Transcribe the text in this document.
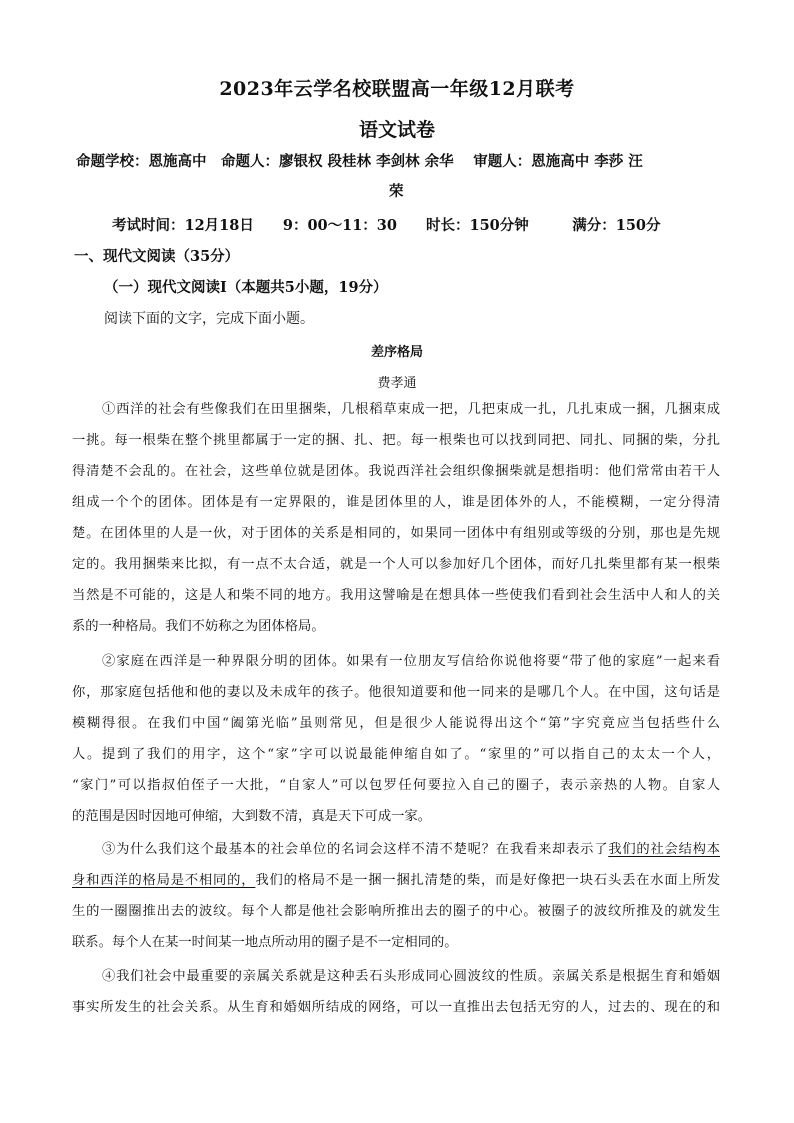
2023年云学名校联盟高一年级12月联考
语文试卷
命题学校：恩施高中　命题人：廖银权 段桂林 李剑林 余华　 审题人：恩施高中 李莎 汪
荣
考试时间：12月18日　　9：00～11：30　　时长：150分钟　　　满分：150分
一、现代文阅读（35分）
（一）现代文阅读Ⅰ（本题共5小题，19分）
阅读下面的文字，完成下面小题。
差序格局
费孝通
①西洋的社会有些像我们在田里捆柴，几根稻草束成一把，几把束成一扎，几扎束成一捆，几捆束成
一挑。每一根柴在整个挑里都属于一定的捆、扎、把。每一根柴也可以找到同把、同扎、同捆的柴，分扎
得清楚不会乱的。在社会，这些单位就是团体。我说西洋社会组织像捆柴就是想指明：他们常常由若干人
组成一个个的团体。团体是有一定界限的，谁是团体里的人，谁是团体外的人，不能模糊，一定分得清
楚。在团体里的人是一伙，对于团体的关系是相同的，如果同一团体中有组别或等级的分别，那也是先规
定的。我用捆柴来比拟，有一点不太合适，就是一个人可以参加好几个团体，而好几扎柴里都有某一根柴
当然是不可能的，这是人和柴不同的地方。我用这譬喻是在想具体一些使我们看到社会生活中人和人的关
系的一种格局。我们不妨称之为团体格局。
②家庭在西洋是一种界限分明的团体。如果有一位朋友写信给你说他将要“带了他的家庭”一起来看
你，那家庭包括他和他的妻以及未成年的孩子。他很知道要和他一同来的是哪几个人。在中国，这句话是
模糊得很。在我们中国“阖第光临”虽则常见，但是很少人能说得出这个“第”字究竟应当包括些什么
人。提到了我们的用字，这个“家”字可以说最能伸缩自如了。“家里的”可以指自己的太太一个人，
“家门”可以指叔伯侄子一大批，“自家人”可以包罗任何要拉入自己的圈子，表示亲热的人物。自家人
的范围是因时因地可伸缩，大到数不清，真是天下可成一家。
③为什么我们这个最基本的社会单位的名词会这样不清不楚呢？在我看来却表示了我们的社会结构本
身和西洋的格局是不相同的，我们的格局不是一捆一捆扎清楚的柴，而是好像把一块石头丢在水面上所发
生的一圈圈推出去的波纹。每个人都是他社会影响所推出去的圈子的中心。被圈子的波纹所推及的就发生
联系。每个人在某一时间某一地点所动用的圈子是不一定相同的。
④我们社会中最重要的亲属关系就是这种丢石头形成同心圆波纹的性质。亲属关系是根据生育和婚姻
事实所发生的社会关系。从生育和婚姻所结成的网络，可以一直推出去包括无穷的人，过去的、现在的和
